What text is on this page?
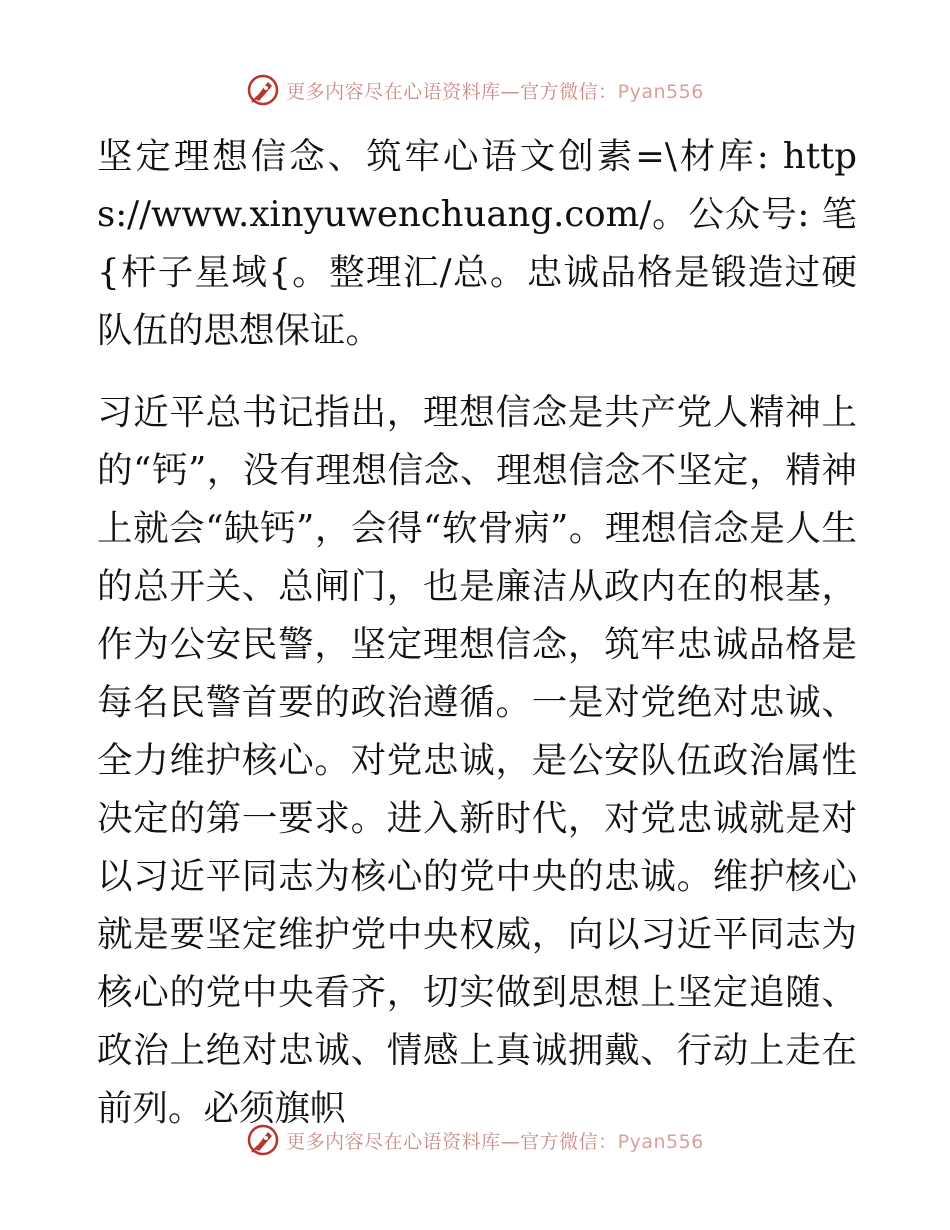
更多内容尽在心语资料库—官方微信：Pyan556

坚定理想信念、筑牢心语文创素=\材库: https://www.xinyuwenchuang.com/。公众号: 笔{杆子星域{。整理汇/总。忠诚品格是锻造过硬队伍的思想保证。

习近平总书记指出，理想信念是共产党人精神上的“钙”，没有理想信念、理想信念不坚定，精神上就会“缺钙”，会得“软骨病”。理想信念是人生的总开关、总闸门，也是廉洁从政内在的根基，作为公安民警，坚定理想信念，筑牢忠诚品格是每名民警首要的政治遵循。一是对党绝对忠诚、全力维护核心。对党忠诚，是公安队伍政治属性决定的第一要求。进入新时代，对党忠诚就是对以习近平同志为核心的党中央的忠诚。维护核心就是要坚定维护党中央权威，向以习近平同志为核心的党中央看齐，切实做到思想上坚定追随、政治上绝对忠诚、情感上真诚拥戴、行动上走在前列。必须旗帜

更多内容尽在心语资料库—官方微信：Pyan556
